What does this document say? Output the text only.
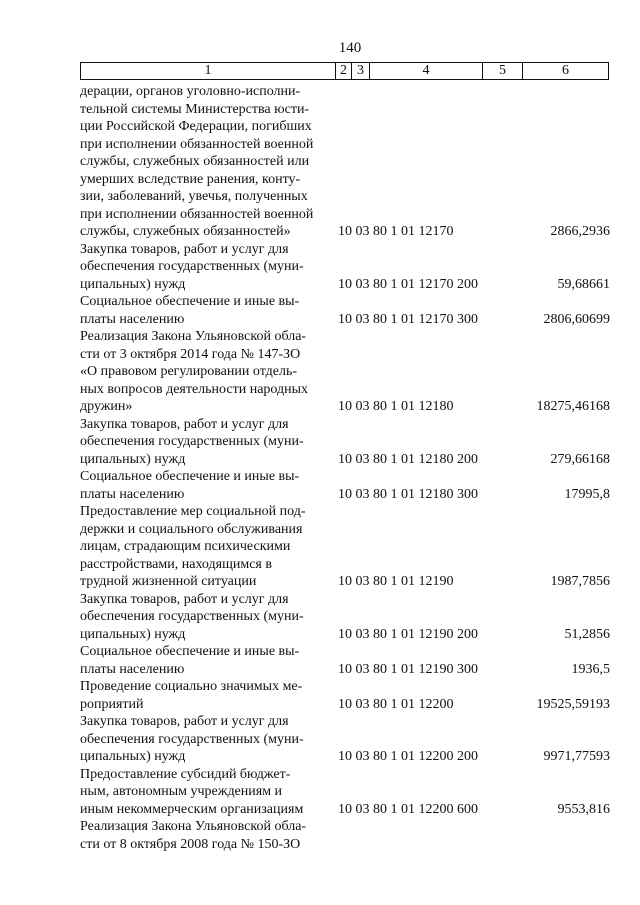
140
1	2	3	4	5	6
дерации, органов уголовно-исполни-
тельной системы Министерства юсти-
ции Российской Федерации, погибших
при исполнении обязанностей военной
службы, служебных обязанностей или
умерших вследствие ранения, конту-
зии, заболеваний, увечья, полученных
при исполнении обязанностей военной
службы, служебных обязанностей»	10 03 80 1 01 12170	2866,2936
Закупка товаров, работ и услуг для
обеспечения государственных (муни-
ципальных) нужд	10 03 80 1 01 12170 200	59,68661
Социальное обеспечение и иные вы-
платы населению	10 03 80 1 01 12170 300	2806,60699
Реализация Закона Ульяновской обла-
сти от 3 октября 2014 года № 147-ЗО
«О правовом регулировании отдель-
ных вопросов деятельности народных
дружин»	10 03 80 1 01 12180	18275,46168
Закупка товаров, работ и услуг для
обеспечения государственных (муни-
ципальных) нужд	10 03 80 1 01 12180 200	279,66168
Социальное обеспечение и иные вы-
платы населению	10 03 80 1 01 12180 300	17995,8
Предоставление мер социальной под-
держки и социального обслуживания
лицам, страдающим психическими
расстройствами, находящимся в
трудной жизненной ситуации	10 03 80 1 01 12190	1987,7856
Закупка товаров, работ и услуг для
обеспечения государственных (муни-
ципальных) нужд	10 03 80 1 01 12190 200	51,2856
Социальное обеспечение и иные вы-
платы населению	10 03 80 1 01 12190 300	1936,5
Проведение социально значимых ме-
роприятий	10 03 80 1 01 12200	19525,59193
Закупка товаров, работ и услуг для
обеспечения государственных (муни-
ципальных) нужд	10 03 80 1 01 12200 200	9971,77593
Предоставление субсидий бюджет-
ным, автономным учреждениям и
иным некоммерческим организациям	10 03 80 1 01 12200 600	9553,816
Реализация Закона Ульяновской обла-
сти от 8 октября 2008 года № 150-ЗО
